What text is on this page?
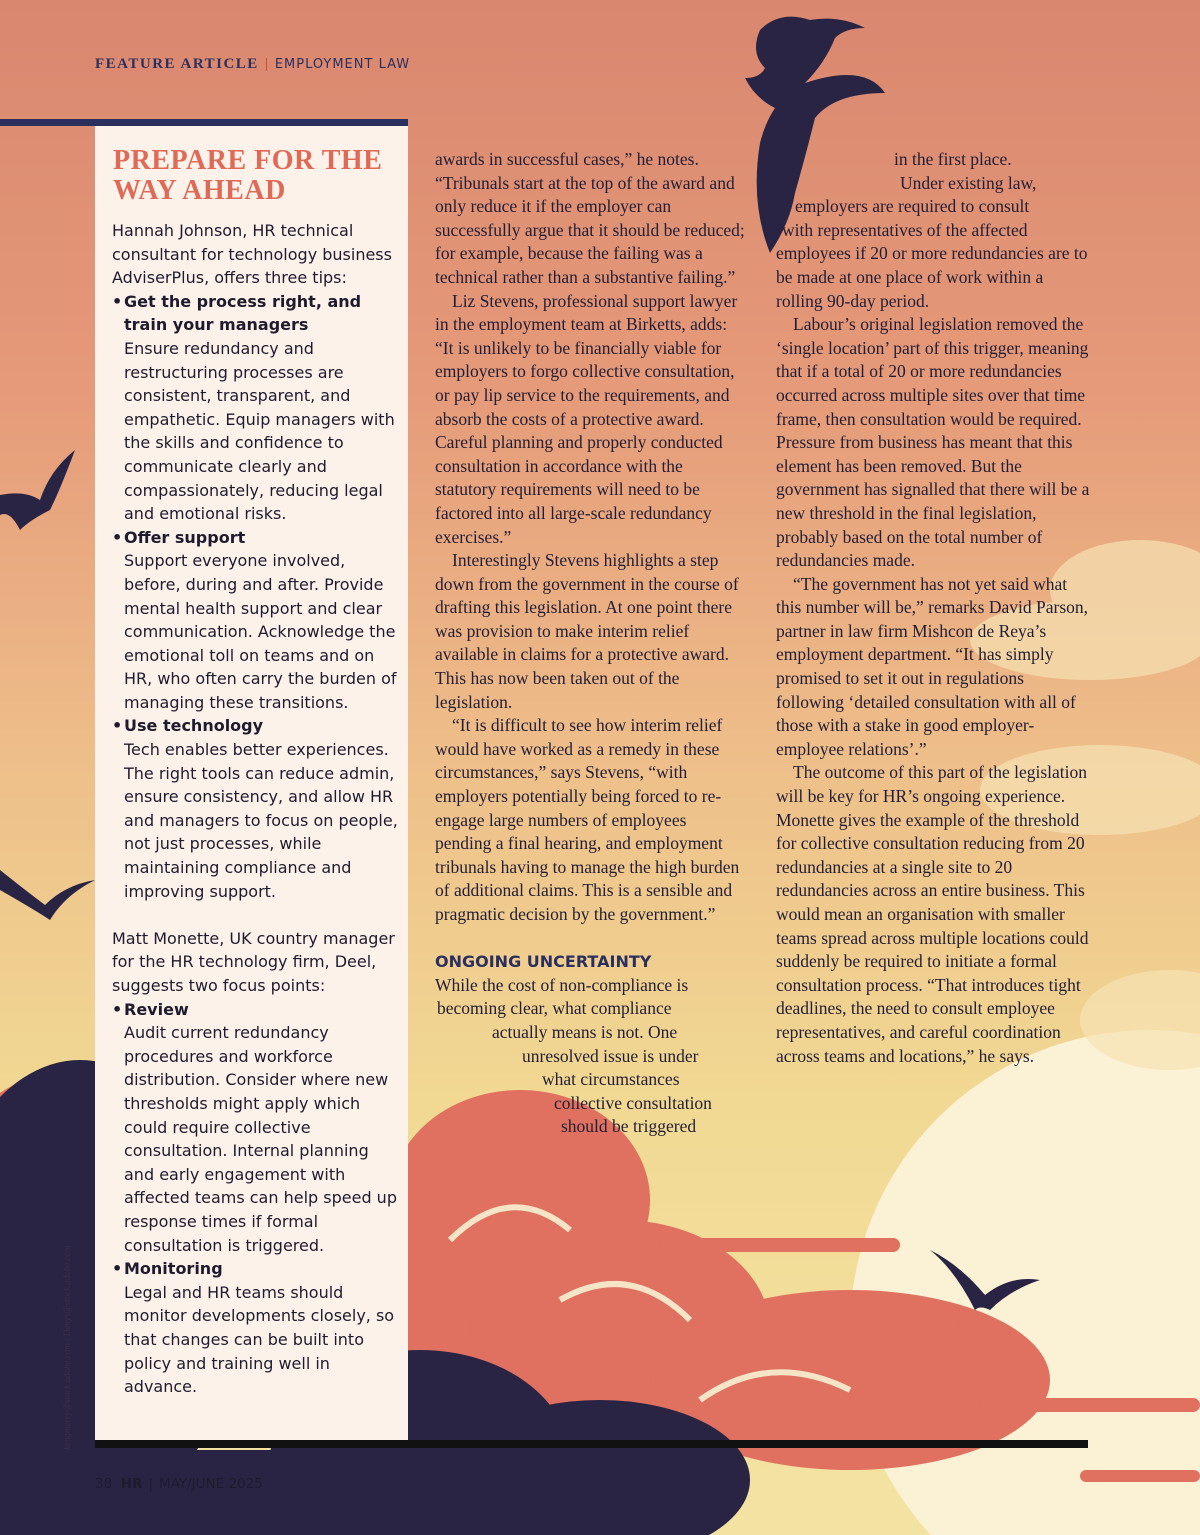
FEATURE ARTICLE | EMPLOYMENT LAW
PREPARE FOR THE WAY AHEAD

Hannah Johnson, HR technical consultant for technology business AdviserPlus, offers three tips:

• Get the process right, and train your managers
Ensure redundancy and restructuring processes are consistent, transparent, and empathetic. Equip managers with the skills and confidence to communicate clearly and compassionately, reducing legal and emotional risks.
• Offer support
Support everyone involved, before, during and after. Provide mental health support and clear communication. Acknowledge the emotional toll on teams and on HR, who often carry the burden of managing these transitions.
• Use technology
Tech enables better experiences. The right tools can reduce admin, ensure consistency, and allow HR and managers to focus on people, not just processes, while maintaining compliance and improving support.

Matt Monette, UK country manager for the HR technology firm, Deel, suggests two focus points:

• Review
Audit current redundancy procedures and workforce distribution. Consider where new thresholds might apply which could require collective consultation. Internal planning and early engagement with affected teams can help speed up response times if formal consultation is triggered.
• Monitoring
Legal and HR teams should monitor developments closely, so that changes can be built into policy and training well in advance.

awards in successful cases,” he notes. “Tribunals start at the top of the award and only reduce it if the employer can successfully argue that it should be reduced; for example, because the failing was a technical rather than a substantive failing.”

Liz Stevens, professional support lawyer in the employment team at Birketts, adds: “It is unlikely to be financially viable for employers to forgo collective consultation, or pay lip service to the requirements, and absorb the costs of a protective award. Careful planning and properly conducted consultation in accordance with the statutory requirements will need to be factored into all large-scale redundancy exercises.”

Interestingly Stevens highlights a step down from the government in the course of drafting this legislation. At one point there was provision to make interim relief available in claims for a protective award. This has now been taken out of the legislation.

“It is difficult to see how interim relief would have worked as a remedy in these circumstances,” says Stevens, “with employers potentially being forced to re-engage large numbers of employees pending a final hearing, and employment tribunals having to manage the high burden of additional claims. This is a sensible and pragmatic decision by the government.”

ONGOING UNCERTAINTY

While the cost of non-compliance is
becoming clear, what compliance
actually means is not. One
unresolved issue is under
what circumstances
collective consultation
should be triggered

in the first place.
Under existing law,
employers are required to consult
with representatives of the affected

employees if 20 or more redundancies are to be made at one place of work within a rolling 90-day period.

Labour’s original legislation removed the ‘single location’ part of this trigger, meaning that if a total of 20 or more redundancies occurred across multiple sites over that time frame, then consultation would be required. Pressure from business has meant that this element has been removed. But the government has signalled that there will be a new threshold in the final legislation, probably based on the total number of redundancies made.

“The government has not yet said what this number will be,” remarks David Parson, partner in law firm Mishcon de Reya’s employment department. “It has simply promised to set it out in regulations following ‘detailed consultation with all of those with a stake in good employer-employee relations’.”

The outcome of this part of the legislation will be key for HR’s ongoing experience. Monette gives the example of the threshold for collective consultation reducing from 20 redundancies at a single site to 20 redundancies across an entire business. This would mean an organisation with smaller teams spread across multiple locations could suddenly be required to initiate a formal consultation process. “That introduces tight deadlines, the need to consult employee representatives, and careful coordination across teams and locations,” he says.

kengmerry@stock.adobe.com / Denys@stock.adobe.com
38 HR | MAY/JUNE 2025
